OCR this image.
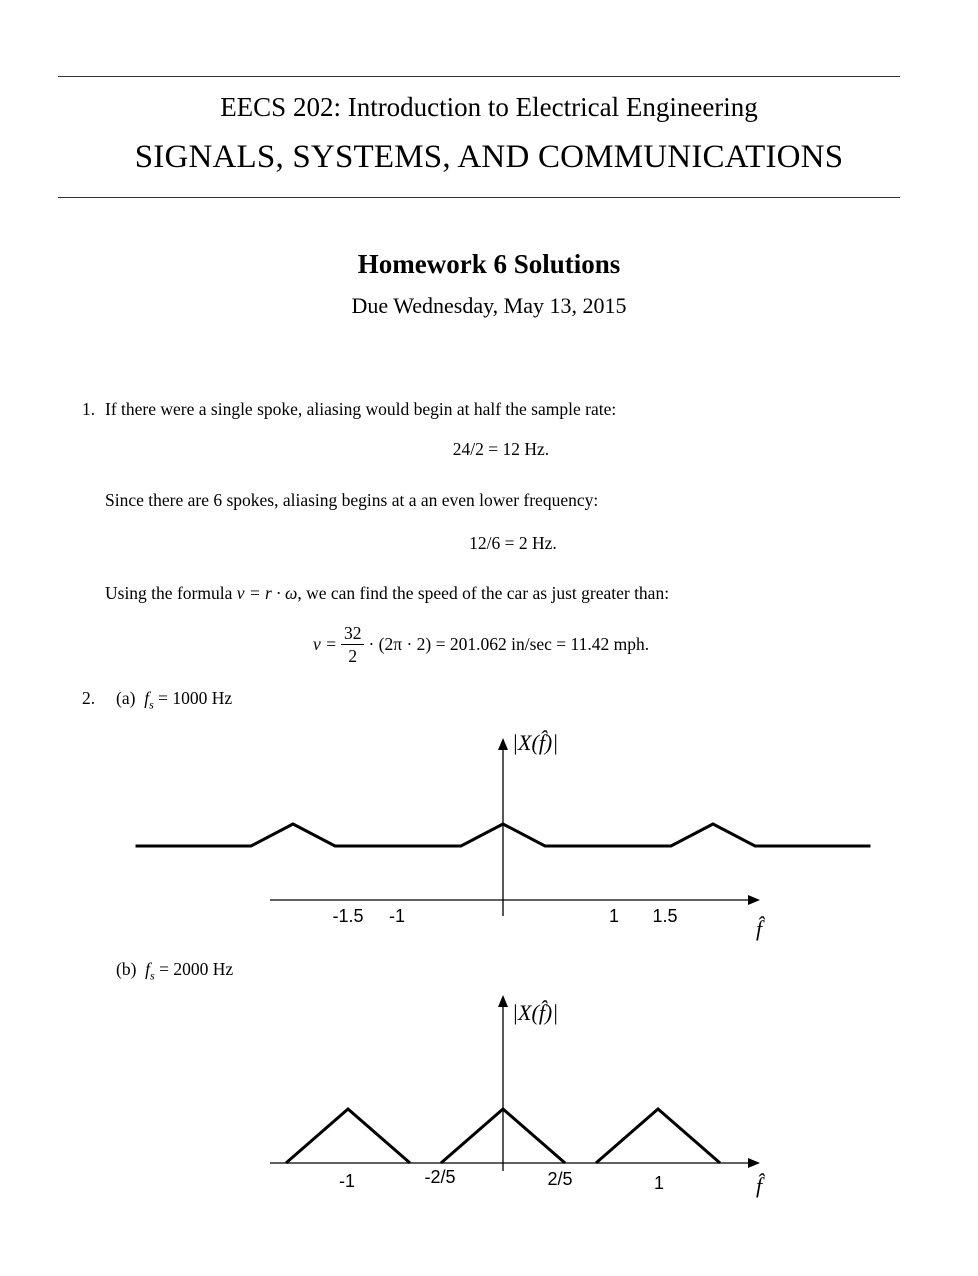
EECS 202: Introduction to Electrical Engineering
SIGNALS, SYSTEMS, AND COMMUNICATIONS
Homework 6 Solutions
Due Wednesday, May 13, 2015
1. If there were a single spoke, aliasing would begin at half the sample rate:
24/2 = 12 Hz.
Since there are 6 spokes, aliasing begins at a an even lower frequency:
12/6 = 2 Hz.
Using the formula v = r · ω, we can find the speed of the car as just greater than:
$v = \frac{32}{2} \cdot (2\pi \cdot 2) = 201.062$ in/sec = 11.42 mph.
2. (a) $f_s = 1000$ Hz
-1.5 -1	1 1.5
|X(f̂)|
f̂
(b) $f_s = 2000$ Hz
-1	-2/5	2/5	1
|X(f̂)|
f̂
